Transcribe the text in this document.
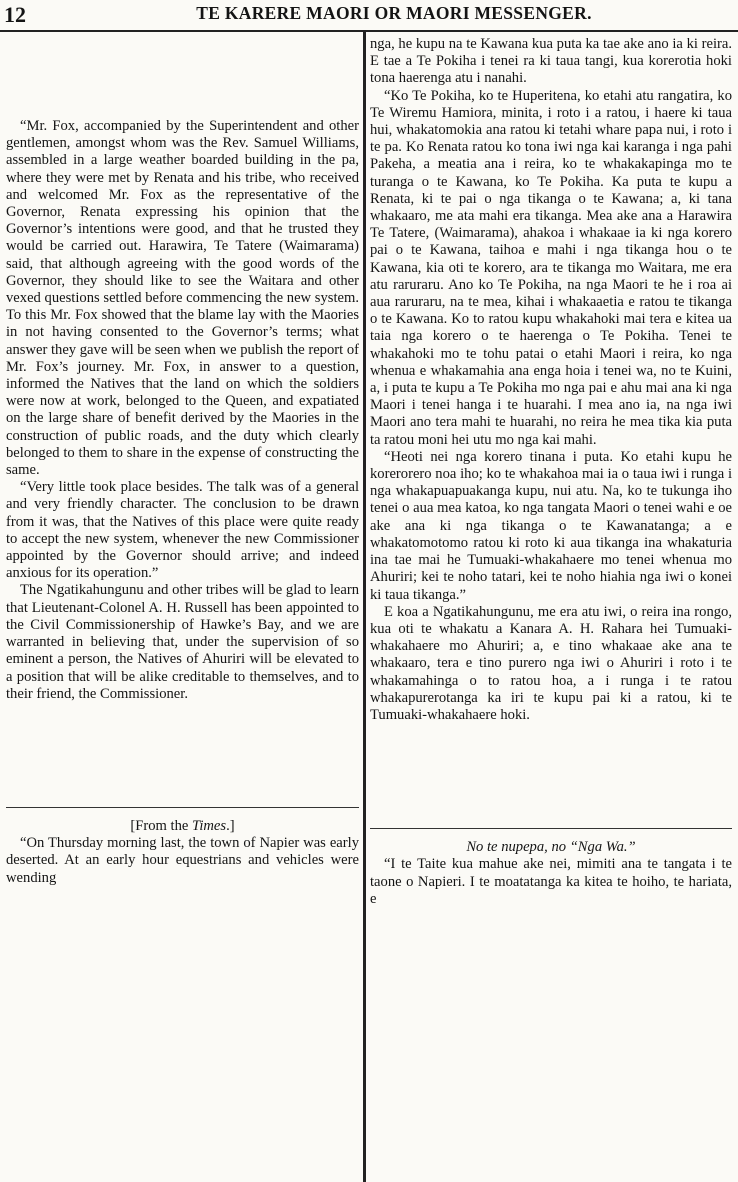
12	TE KARERE MAORI OR MAORI MESSENGER.

“Mr. Fox, accompanied by the Superintendent and other gentlemen, amongst whom was the Rev. Samuel Williams, assembled in a large weather boarded building in the pa, where they were met by Renata and his tribe, who received and welcomed Mr. Fox as the representative of the Governor, Renata expressing his opinion that the Governor’s intentions were good, and that he trusted they would be carried out. Harawira, Te Tatere (Waimarama) said, that although agreeing with the good words of the Governor, they should like to see the Waitara and other vexed questions settled before commencing the new system. To this Mr. Fox showed that the blame lay with the Maories in not having consented to the Governor’s terms; what answer they gave will be seen when we publish the report of Mr. Fox’s journey. Mr. Fox, in answer to a question, informed the Natives that the land on which the soldiers were now at work, belonged to the Queen, and expatiated on the large share of benefit derived by the Maories in the construction of public roads, and the duty which clearly belonged to them to share in the expense of constructing the same.

“Very little took place besides. The talk was of a general and very friendly character. The conclusion to be drawn from it was, that the Natives of this place were quite ready to accept the new system, whenever the new Commissioner appointed by the Governor should arrive; and indeed anxious for its operation.”

The Ngatikahungunu and other tribes will be glad to learn that Lieutenant-Colonel A. H. Russell has been appointed to the Civil Commissionership of Hawke’s Bay, and we are warranted in believing that, under the supervision of so eminent a person, the Natives of Ahuriri will be elevated to a position that will be alike creditable to themselves, and to their friend, the Commissioner.

[From the Times.]

“On Thursday morning last, the town of Napier was early deserted. At an early hour equestrians and vehicles were wending

nga, he kupu na te Kawana kua puta ka tae ake ano ia ki reira. E tae a Te Pokiha i tenei ra ki taua tangi, kua korerotia hoki tona haerenga atu i nanahi.

“Ko Te Pokiha, ko te Huperitena, ko etahi atu rangatira, ko Te Wiremu Hamiora, minita, i roto i a ratou, i haere ki taua hui, whakatomokia ana ratou ki tetahi whare papa nui, i roto i te pa. Ko Renata ratou ko tona iwi nga kai karanga i nga pahi Pakeha, a meatia ana i reira, ko te whakakapinga mo te turanga o te Kawana, ko Te Pokiha. Ka puta te kupu a Renata, ki te pai o nga tikanga o te Kawana; a, ki tana whakaaro, me ata mahi era tikanga. Mea ake ana a Harawira Te Tatere, (Waimarama), ahakoa i whakaae ia ki nga korero pai o te Kawana, taihoa e mahi i nga tikanga hou o te Kawana, kia oti te korero, ara te tikanga mo Waitara, me era atu raruraru. Ano ko Te Pokiha, na nga Maori te he i roa ai aua raruraru, na te mea, kihai i whakaaetia e ratou te tikanga o te Kawana. Ko to ratou kupu whakahoki mai tera e kitea ua taia nga korero o te haerenga o Te Pokiha. Tenei te whakahoki mo te tohu patai o etahi Maori i reira, ko nga whenua e whakamahia ana enga hoia i tenei wa, no te Kuini, a, i puta te kupu a Te Pokiha mo nga pai e ahu mai ana ki nga Maori i tenei hanga i te huarahi. I mea ano ia, na nga iwi Maori ano tera mahi te huarahi, no reira he mea tika kia puta ta ratou moni hei utu mo nga kai mahi.

“Heoti nei nga korero tinana i puta. Ko etahi kupu he korerorero noa iho; ko te whakahoa mai ia o taua iwi i runga i nga whakapuapuakanga kupu, nui atu. Na, ko te tukunga iho tenei o aua mea katoa, ko nga tangata Maori o tenei wahi e oe ake ana ki nga tikanga o te Kawanatanga; a e whakatomotomo ratou ki roto ki aua tikanga ina whakaturia ina tae mai he Tumuaki-whakahaere mo tenei whenua mo Ahuriri; kei te noho tatari, kei te noho hiahia nga iwi o konei ki taua tikanga.”

E koa a Ngatikahungunu, me era atu iwi, o reira ina rongo, kua oti te whakatu a Kanara A. H. Rahara hei Tumuaki-whakahaere mo Ahuriri; a, e tino whakaae ake ana te whakaaro, tera e tino purero nga iwi o Ahuriri i roto i te whakamahinga o to ratou hoa, a i runga i te ratou whakapurerotanga ka iri te kupu pai ki a ratou, ki te Tumuaki-whakahaere hoki.

No te nupepa, no “Nga Wa.”

“I te Taite kua mahue ake nei, mimiti ana te tangata i te taone o Napieri. I te moatatanga ka kitea te hoiho, te hariata, e
